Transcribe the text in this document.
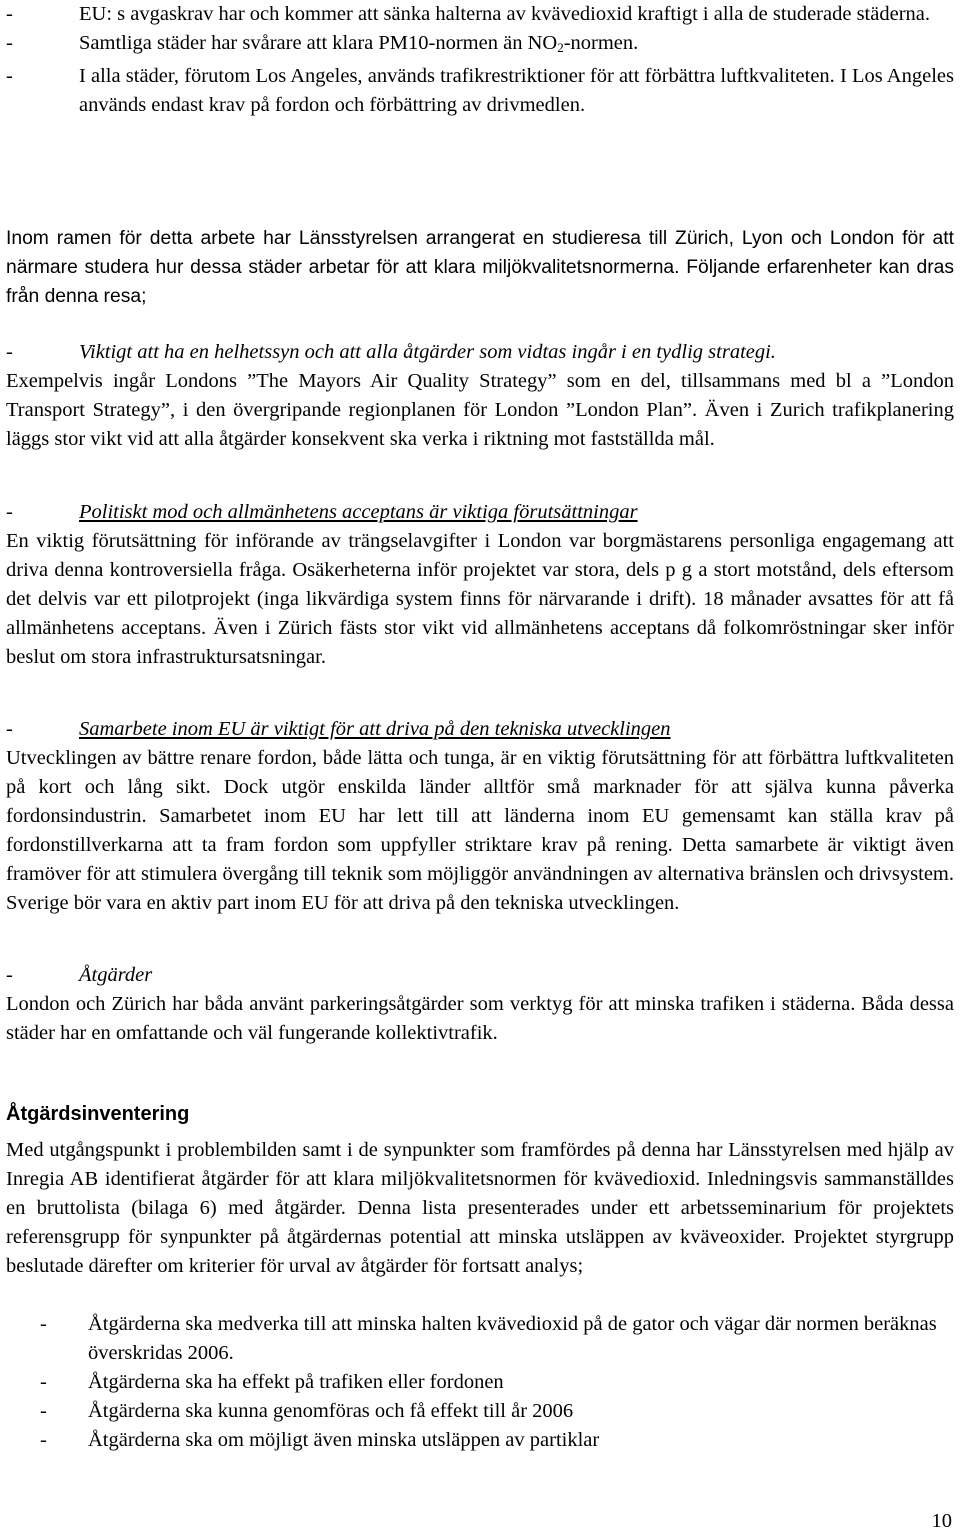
-	EU: s avgaskrav har och kommer att sänka halterna av kvävedioxid kraftigt i alla de studerade städerna.

-	Samtliga städer har svårare att klara PM10-normen än $NO_2$-normen.

-	I alla städer, förutom Los Angeles, används trafikrestriktioner för att förbättra luftkvaliteten. I Los Angeles används endast krav på fordon och förbättring av drivmedlen.

Inom ramen för detta arbete har Länsstyrelsen arrangerat en studieresa till Zürich, Lyon och London för att närmare studera hur dessa städer arbetar för att klara miljökvalitetsnormerna. Följande erfarenheter kan dras från denna resa;

-	Viktigt att ha en helhetssyn och att alla åtgärder som vidtas ingår i en tydlig strategi.

Exempelvis ingår Londons ”The Mayors Air Quality Strategy” som en del, tillsammans med bl a ”London Transport Strategy”, i den övergripande regionplanen för London ”London Plan”. Även i Zurich trafikplanering läggs stor vikt vid att alla åtgärder konsekvent ska verka i riktning mot fastställda mål.

-	Politiskt mod och allmänhetens acceptans är viktiga förutsättningar

En viktig förutsättning för införande av trängselavgifter i London var borgmästarens personliga engagemang att driva denna kontroversiella fråga. Osäkerheterna inför projektet var stora, dels p g a stort motstånd, dels eftersom det delvis var ett pilotprojekt (inga likvärdiga system finns för närvarande i drift). 18 månader avsattes för att få allmänhetens acceptans. Även i Zürich fästs stor vikt vid allmänhetens acceptans då folkomröstningar sker inför beslut om stora infrastruktursatsningar.

-	Samarbete inom EU är viktigt för att driva på den tekniska utvecklingen

Utvecklingen av bättre renare fordon, både lätta och tunga, är en viktig förutsättning för att förbättra luftkvaliteten på kort och lång sikt. Dock utgör enskilda länder alltför små marknader för att själva kunna påverka fordonsindustrin. Samarbetet inom EU har lett till att länderna inom EU gemensamt kan ställa krav på fordonstillverkarna att ta fram fordon som uppfyller striktare krav på rening. Detta samarbete är viktigt även framöver för att stimulera övergång till teknik som möjliggör användningen av alternativa bränslen och drivsystem. Sverige bör vara en aktiv part inom EU för att driva på den tekniska utvecklingen.

-	Åtgärder

London och Zürich har båda använt parkeringsåtgärder som verktyg för att minska trafiken i städerna. Båda dessa städer har en omfattande och väl fungerande kollektivtrafik.

Åtgärdsinventering

Med utgångspunkt i problembilden samt i de synpunkter som framfördes på denna har Länsstyrelsen med hjälp av Inregia AB identifierat åtgärder för att klara miljökvalitetsnormen för kvävedioxid. Inledningsvis sammanställdes en bruttolista (bilaga 6) med åtgärder. Denna lista presenterades under ett arbetsseminarium för projektets referensgrupp för synpunkter på åtgärdernas potential att minska utsläppen av kväveoxider. Projektet styrgrupp beslutade därefter om kriterier för urval av åtgärder för fortsatt analys;

-	Åtgärderna ska medverka till att minska halten kvävedioxid på de gator och vägar där normen beräknas överskridas 2006.

-	Åtgärderna ska ha effekt på trafiken eller fordonen

-	Åtgärderna ska kunna genomföras och få effekt till år 2006

-	Åtgärderna ska om möjligt även minska utsläppen av partiklar

10
